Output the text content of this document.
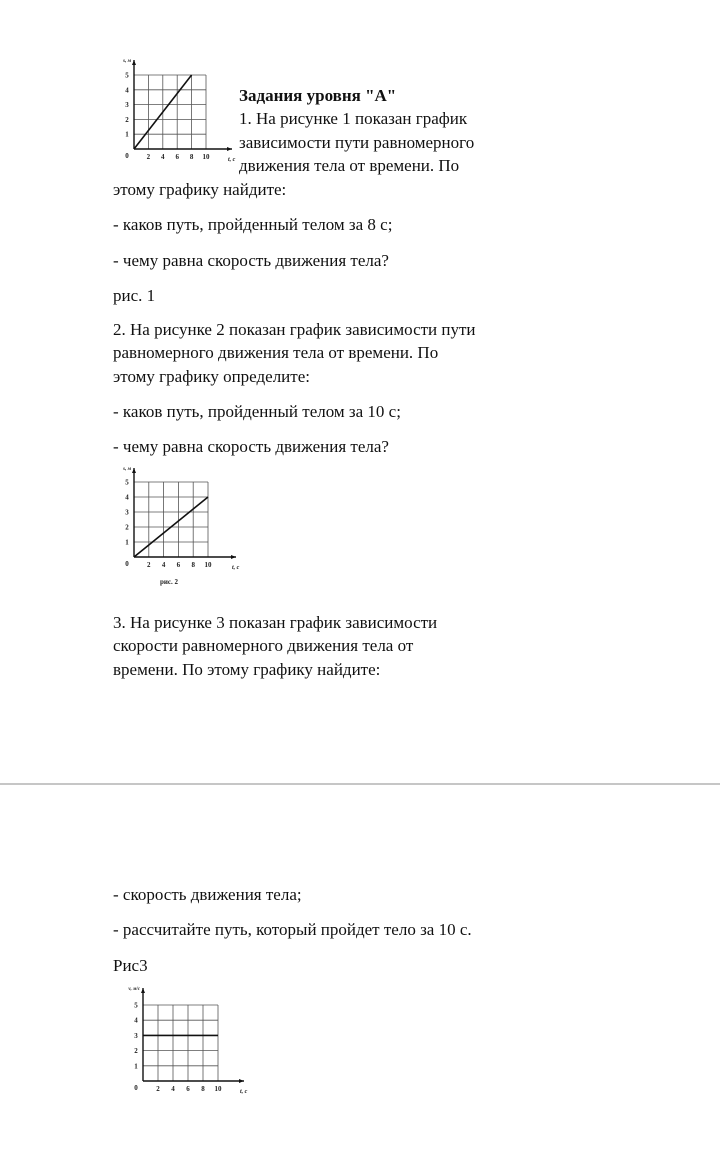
2 4 6 8 10
1
2
3
4
5
0	t, c
s, м
2 4 6 8 10
1
2
3
4
5
0	t, c
s, м
рис. 2
2 4 6 8 10
1
2
3
4
5
0	t, c
v, м/с
Задания уровня "A"
1. На рисунке 1 показан график
зависимости пути равномерного
движения тела от времени. По
этому графику найдите:
- каков путь, пройденный телом за 8 с;
- чему равна скорость движения тела?
рис. 1
2. На рисунке 2 показан график зависимости пути
равномерного движения тела от времени. По
этому графику определите:
- каков путь, пройденный телом за 10 с;
- чему равна скорость движения тела?
3. На рисунке 3 показан график зависимости
скорости равномерного движения тела от
времени. По этому графику найдите:
- скорость движения тела;
- рассчитайте путь, который пройдет тело за 10 с.
Рис3
